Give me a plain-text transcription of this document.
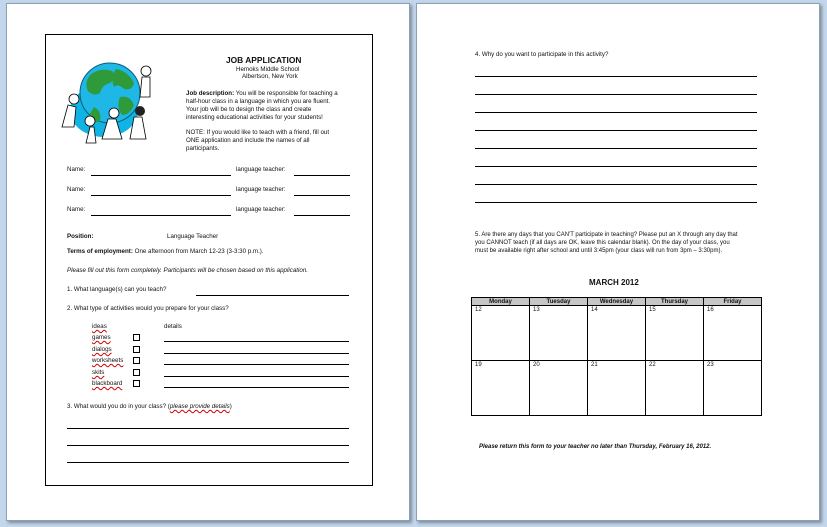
JOB APPLICATION
Hemoks Middle School
Albertson, New York
Job description: You will be responsible for teaching a
half-hour class in a language in which you are fluent.
Your job will be to design the class and create
interesting educational activities for your students!
NOTE: If you would like to teach with a friend, fill out
ONE application and include the names of all
participants.
Name:	language teacher:
Name:	language teacher:
Name:	language teacher:
Position:	Language Teacher
Terms of employment: One afternoon from March 12-23 (3-3:30 p.m.).
Please fill out this form completely. Participants will be chosen based on this application.
1. What language(s) can you teach?
2. What type of activities would you prepare for your class?
details
ideas
games
dialogs
worksheets
skits
blackboard
3. What would you do in your class? (please provide details)
4. Why do you want to participate in this activity?
5. Are there any days that you CAN'T participate in teaching? Please put an X through any day that
you CANNOT teach (if all days are OK, leave this calendar blank). On the day of your class, you
must be available right after school and until 3:45pm (your class will run from 3pm – 3:30pm).
MARCH 2012
Monday	Tuesday	Wednesday	Thursday	Friday
12	13	14	15	16
19	20	21	22	23
Please return this form to your teacher no later than Thursday, February 16, 2012.
